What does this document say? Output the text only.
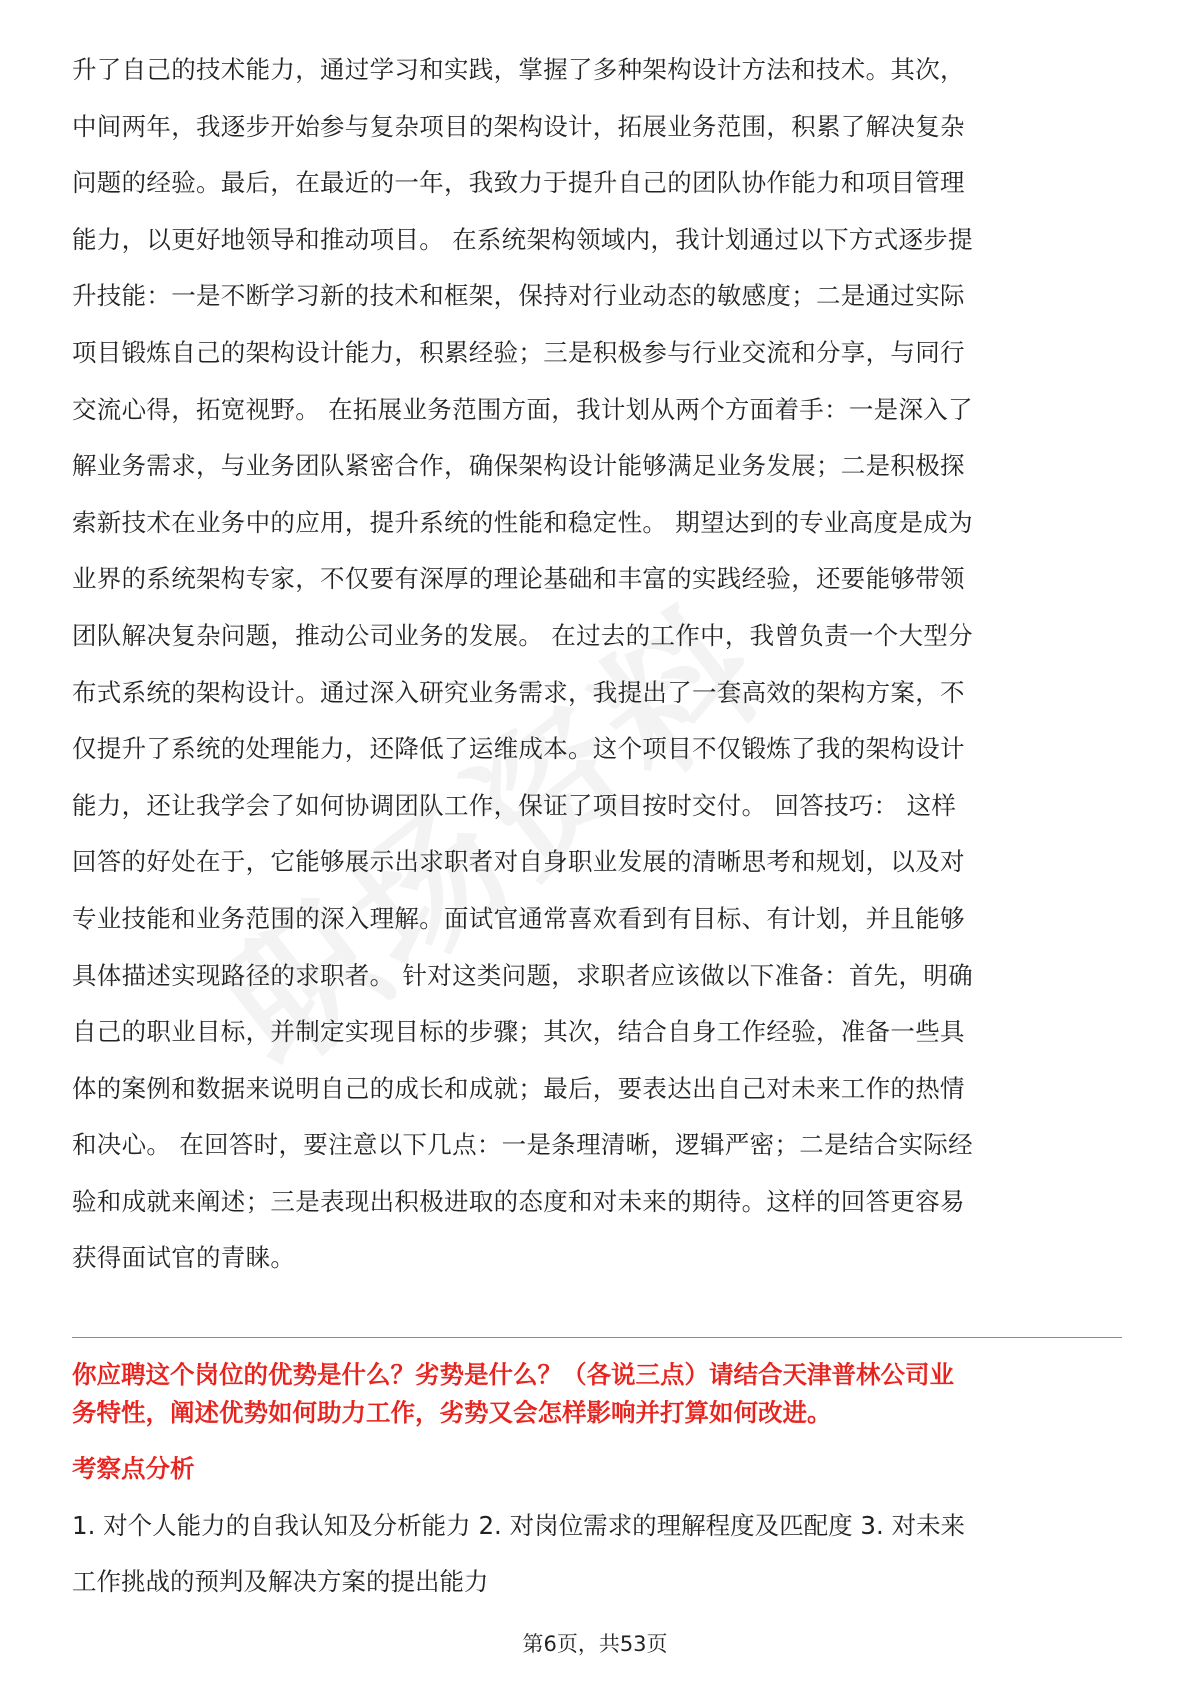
升了自己的技术能力，通过学习和实践，掌握了多种架构设计方法和技术。其次，

中间两年，我逐步开始参与复杂项目的架构设计，拓展业务范围，积累了解决复杂

问题的经验。最后，在最近的一年，我致力于提升自己的团队协作能力和项目管理

能力，以更好地领导和推动项目。 在系统架构领域内，我计划通过以下方式逐步提

升技能：一是不断学习新的技术和框架，保持对行业动态的敏感度；二是通过实际

项目锻炼自己的架构设计能力，积累经验；三是积极参与行业交流和分享，与同行

交流心得，拓宽视野。 在拓展业务范围方面，我计划从两个方面着手：一是深入了

解业务需求，与业务团队紧密合作，确保架构设计能够满足业务发展；二是积极探

索新技术在业务中的应用，提升系统的性能和稳定性。 期望达到的专业高度是成为

业界的系统架构专家，不仅要有深厚的理论基础和丰富的实践经验，还要能够带领

团队解决复杂问题，推动公司业务的发展。 在过去的工作中，我曾负责一个大型分

布式系统的架构设计。通过深入研究业务需求，我提出了一套高效的架构方案，不

仅提升了系统的处理能力，还降低了运维成本。这个项目不仅锻炼了我的架构设计

能力，还让我学会了如何协调团队工作，保证了项目按时交付。 回答技巧： 这样

回答的好处在于，它能够展示出求职者对自身职业发展的清晰思考和规划，以及对

专业技能和业务范围的深入理解。面试官通常喜欢看到有目标、有计划，并且能够

具体描述实现路径的求职者。 针对这类问题，求职者应该做以下准备：首先，明确

自己的职业目标，并制定实现目标的步骤；其次，结合自身工作经验，准备一些具

体的案例和数据来说明自己的成长和成就；最后，要表达出自己对未来工作的热情

和决心。 在回答时，要注意以下几点：一是条理清晰，逻辑严密；二是结合实际经

验和成就来阐述；三是表现出积极进取的态度和对未来的期待。这样的回答更容易

获得面试官的青睐。

你应聘这个岗位的优势是什么？劣势是什么？（各说三点）请结合天津普林公司业

务特性，阐述优势如何助力工作，劣势又会怎样影响并打算如何改进。

考察点分析

1. 对个人能力的自我认知及分析能力 2. 对岗位需求的理解程度及匹配度 3. 对未来

工作挑战的预判及解决方案的提出能力

第6页，共53页
